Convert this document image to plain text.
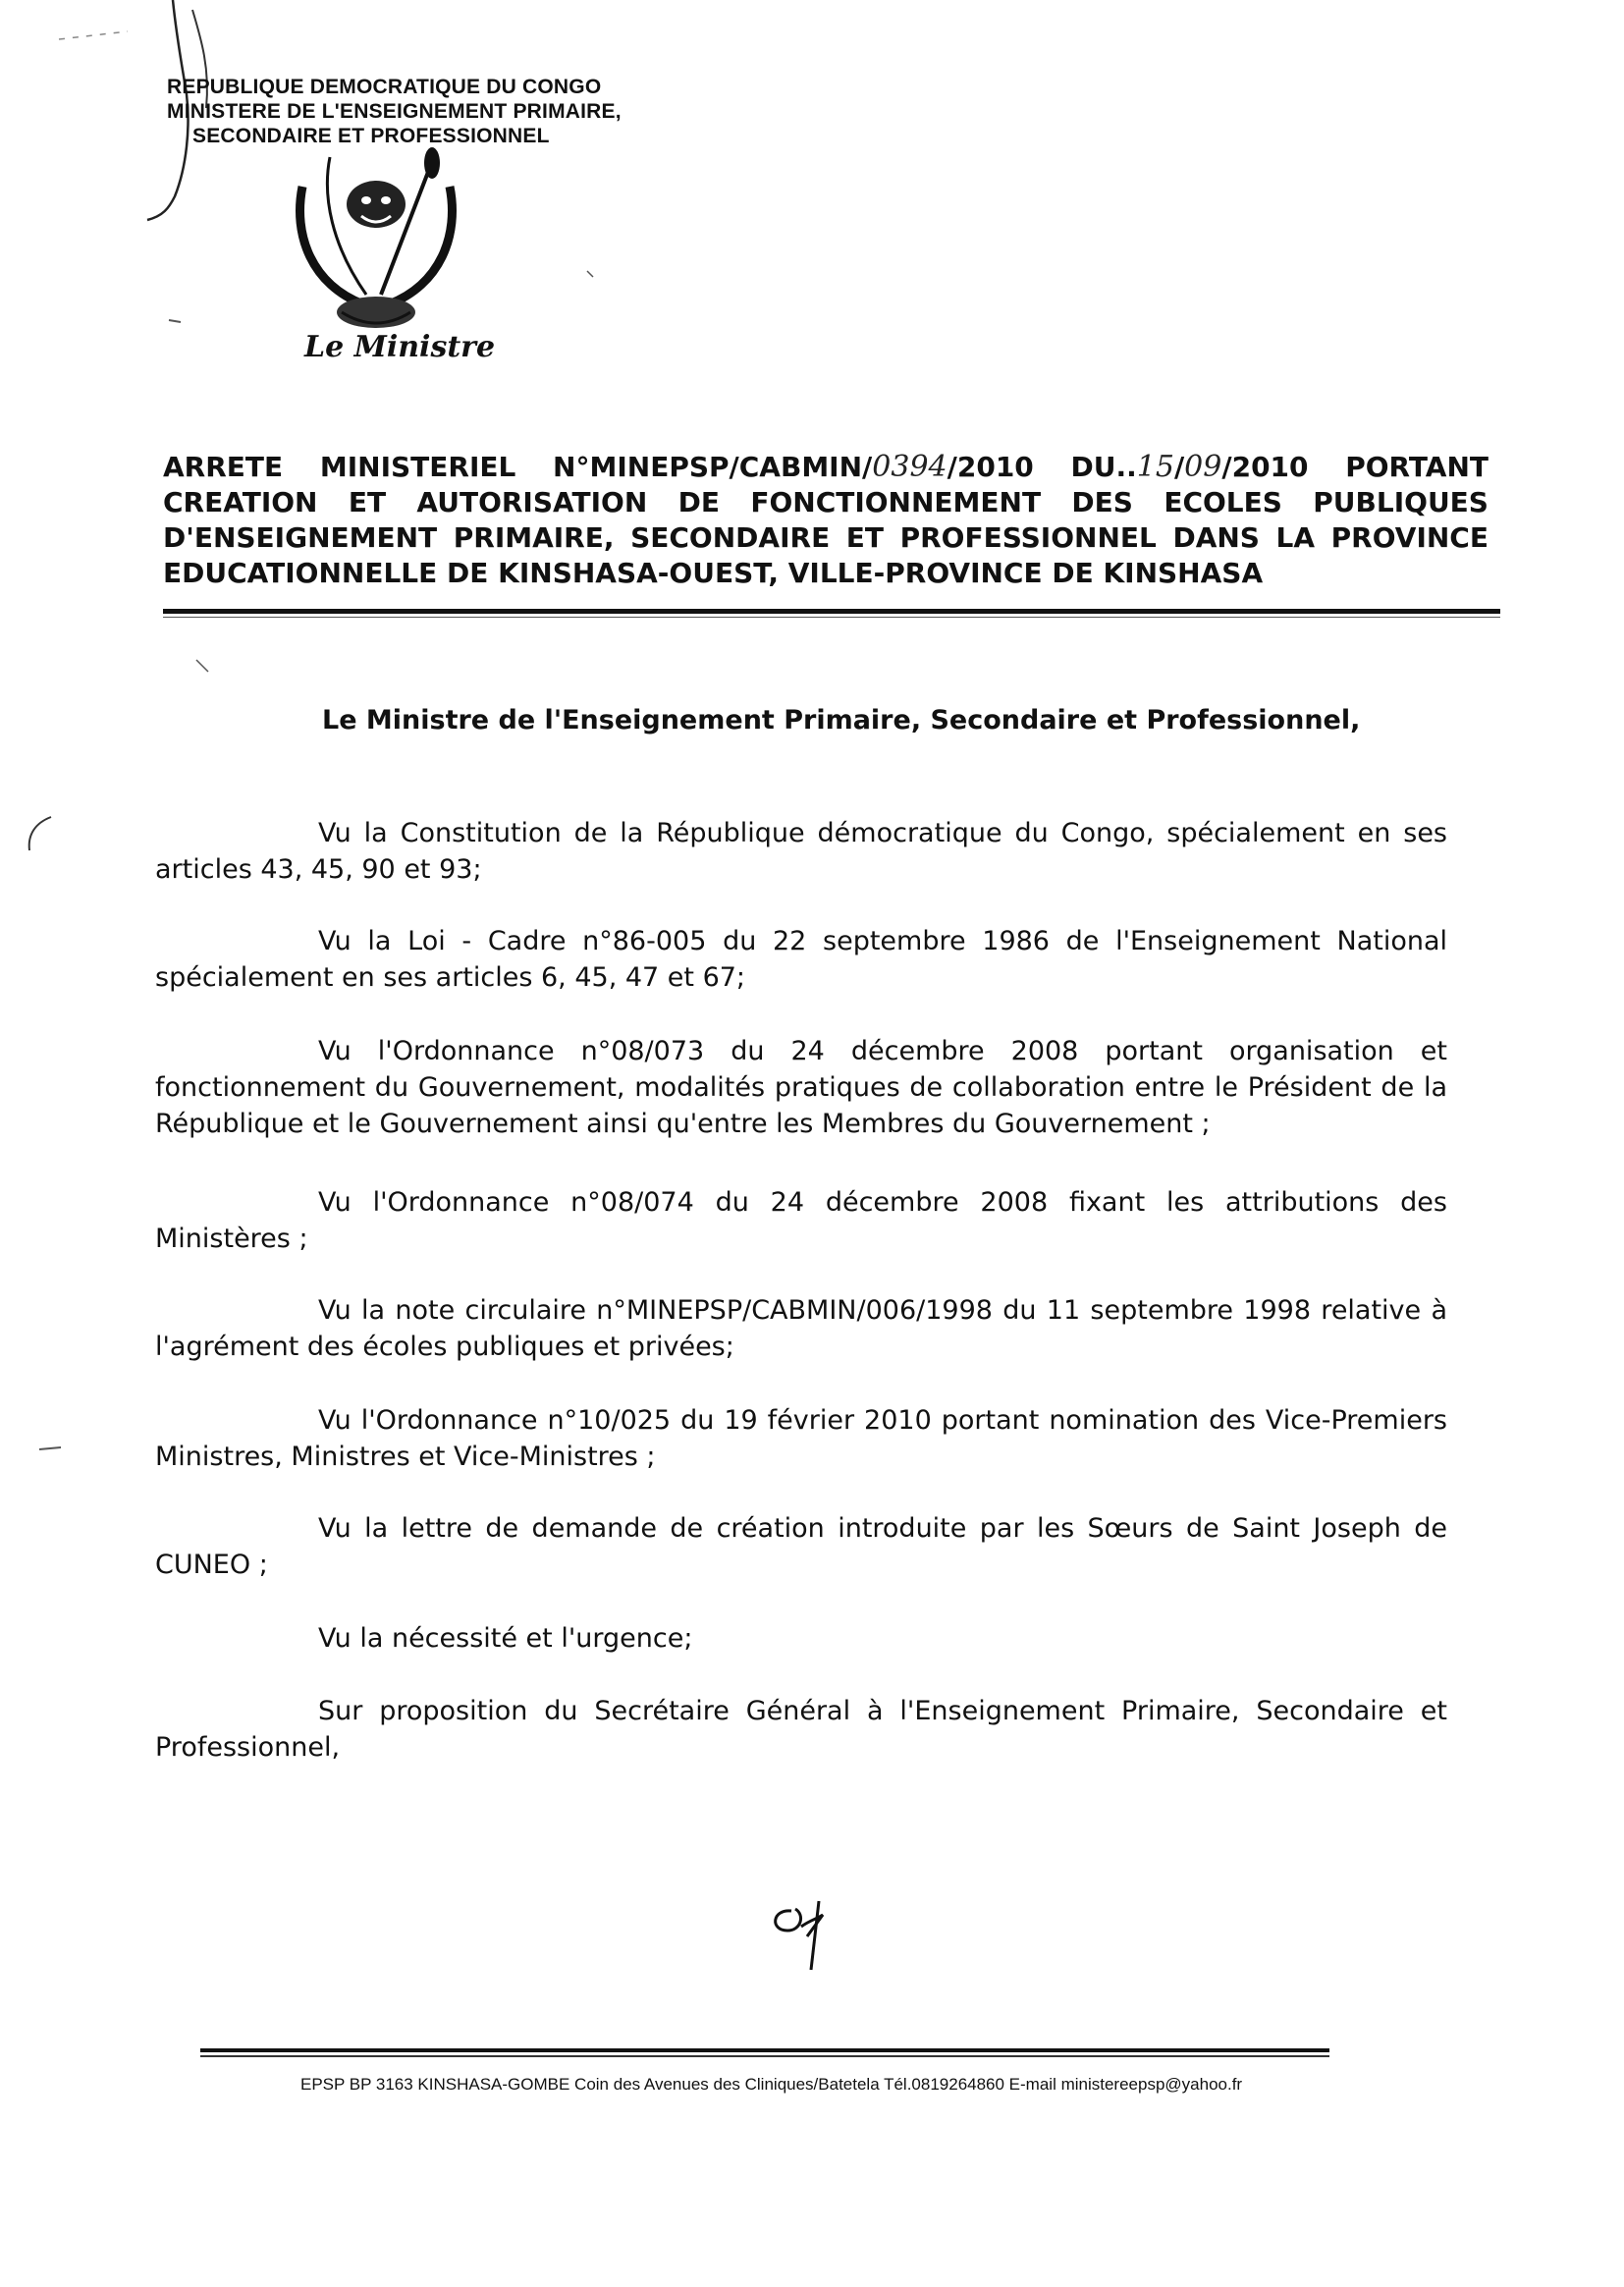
REPUBLIQUE DEMOCRATIQUE DU CONGO
MINISTERE DE L'ENSEIGNEMENT PRIMAIRE,
SECONDAIRE ET PROFESSIONNEL
Le Ministre
ARRETE MINISTERIEL N°MINEPSP/CABMIN/0394/2010 DU..15/09/2010 PORTANT
CREATION ET AUTORISATION DE FONCTIONNEMENT DES ECOLES PUBLIQUES
D'ENSEIGNEMENT PRIMAIRE, SECONDAIRE ET PROFESSIONNEL DANS LA PROVINCE
EDUCATIONNELLE DE KINSHASA-OUEST, VILLE-PROVINCE DE KINSHASA
Le Ministre de l'Enseignement Primaire, Secondaire et Professionnel,
Vu la Constitution de la République démocratique du Congo, spécialement en ses articles 43, 45, 90 et 93;
Vu la Loi - Cadre n°86-005 du 22 septembre 1986 de l'Enseignement National spécialement en ses articles 6, 45, 47 et 67;
Vu l'Ordonnance n°08/073 du 24 décembre 2008 portant organisation et fonctionnement du Gouvernement, modalités pratiques de collaboration entre le Président de la République et le Gouvernement ainsi qu'entre les Membres du Gouvernement ;
Vu l'Ordonnance n°08/074 du 24 décembre 2008 fixant les attributions des Ministères ;
Vu la note circulaire n°MINEPSP/CABMIN/006/1998 du 11 septembre 1998 relative à l'agrément des écoles publiques et privées;
Vu l'Ordonnance n°10/025 du 19 février 2010 portant nomination des Vice-Premiers Ministres, Ministres et Vice-Ministres ;
Vu la lettre de demande de création introduite par les Sœurs de Saint Joseph de CUNEO ;
Vu la nécessité et l'urgence;
Sur proposition du Secrétaire Général à l'Enseignement Primaire, Secondaire et Professionnel,
EPSP BP 3163 KINSHASA-GOMBE Coin des Avenues des Cliniques/Batetela Tél.0819264860 E-mail ministereepsp@yahoo.fr
